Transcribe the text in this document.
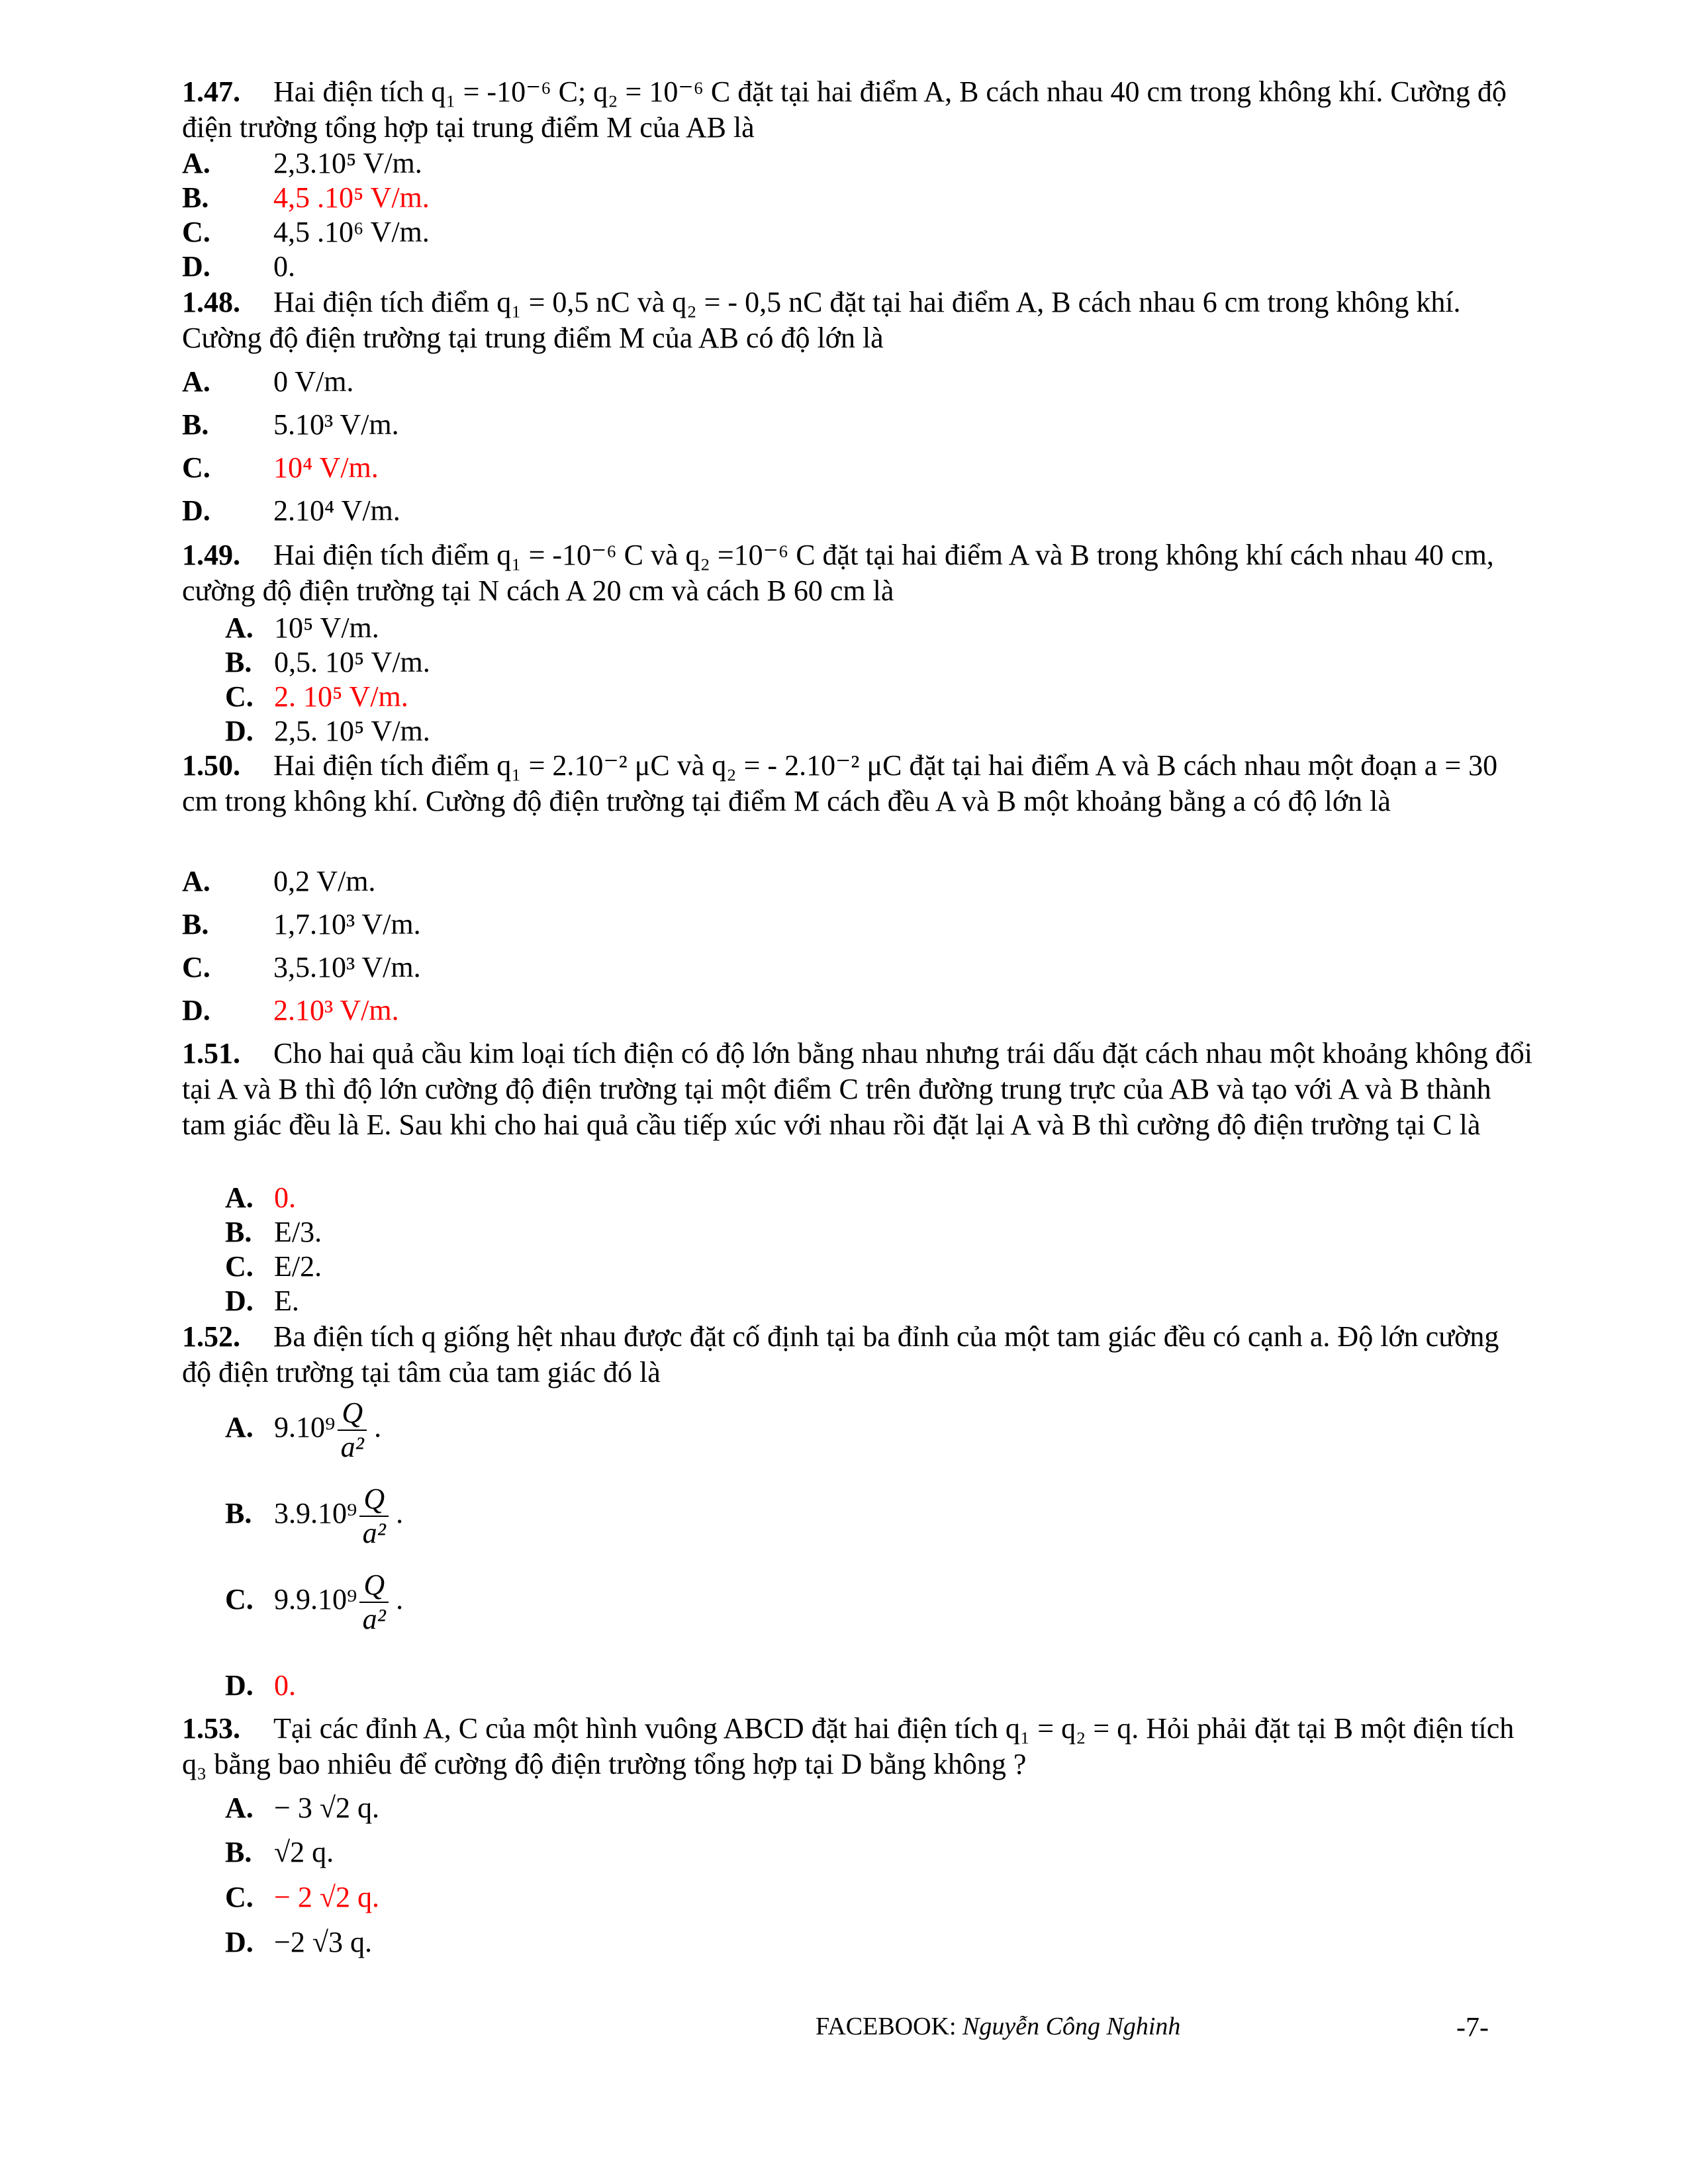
1.47. Hai điện tích q₁ = -10⁻⁶ C; q₂ = 10⁻⁶ C đặt tại hai điểm A, B cách nhau 40 cm trong không khí. Cường độ điện trường tổng hợp tại trung điểm M của AB là
A. 2,3.10⁵ V/m.
B. 4,5 .10⁵ V/m.
C. 4,5 .10⁶ V/m.
D. 0.
1.48. Hai điện tích điểm q₁ = 0,5 nC và q₂ = - 0,5 nC đặt tại hai điểm A, B cách nhau 6 cm trong không khí. Cường độ điện trường tại trung điểm M của AB có độ lớn là
A. 0 V/m.
B. 5.10³ V/m.
C. 10⁴ V/m.
D. 2.10⁴ V/m.
1.49. Hai điện tích điểm q₁ = -10⁻⁶ C và q₂ =10⁻⁶ C đặt tại hai điểm A và B trong không khí cách nhau 40 cm, cường độ điện trường tại N cách A 20 cm và cách B 60 cm là
A. 10⁵ V/m.
B. 0,5. 10⁵ V/m.
C. 2. 10⁵ V/m.
D. 2,5. 10⁵ V/m.
1.50. Hai điện tích điểm q₁ = 2.10⁻² μC và q₂ = - 2.10⁻² μC đặt tại hai điểm A và B cách nhau một đoạn a = 30 cm trong không khí. Cường độ điện trường tại điểm M cách đều A và B một khoảng bằng a có độ lớn là
A. 0,2 V/m.
B. 1,7.10³ V/m.
C. 3,5.10³ V/m.
D. 2.10³ V/m.
1.51. Cho hai quả cầu kim loại tích điện có độ lớn bằng nhau nhưng trái dấu đặt cách nhau một khoảng không đổi tại A và B thì độ lớn cường độ điện trường tại một điểm C trên đường trung trực của AB và tạo với A và B thành tam giác đều là E. Sau khi cho hai quả cầu tiếp xúc với nhau rồi đặt lại A và B thì cường độ điện trường tại C là
A. 0.
B. E/3.
C. E/2.
D. E.
1.52. Ba điện tích q giống hệt nhau được đặt cố định tại ba đỉnh của một tam giác đều có cạnh a. Độ lớn cường độ điện trường tại tâm của tam giác đó là
A. $9.10^9 \frac{Q}{\text{a²}}$ .
B. $3.9.10^9 \frac{Q}{\text{a²}}$ .
C. $9.9.10^9 \frac{Q}{\text{a²}}$ .
D. 0.
1.53. Tại các đỉnh A, C của một hình vuông ABCD đặt hai điện tích q₁ = q₂ = q. Hỏi phải đặt tại B một điện tích q₃ bằng bao nhiêu để cường độ điện trường tổng hợp tại D bằng không ?
A. − 3 √2 q.
B. √2 q.
C. − 2 √2 q.
D. −2 √3 q.
FACEBOOK: Nguyễn Công Nghinh	-7-
